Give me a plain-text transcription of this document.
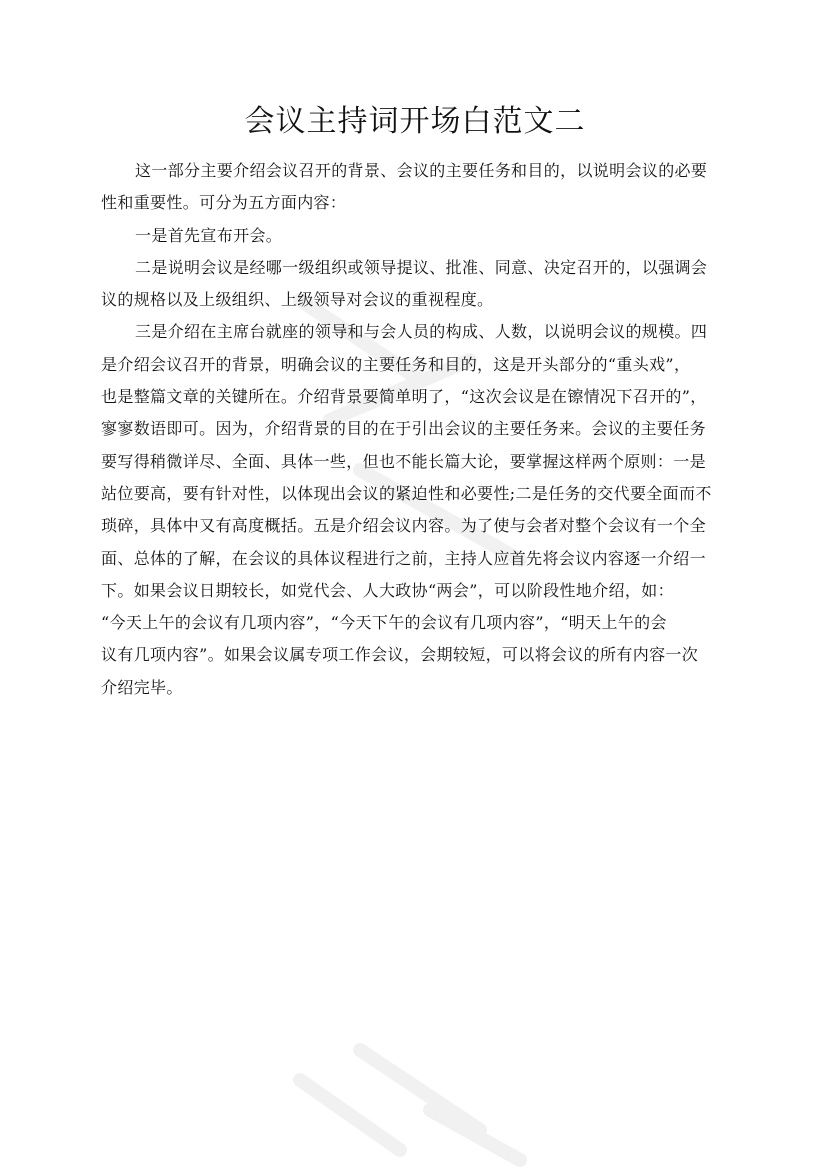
会议主持词开场白范文二
这一部分主要介绍会议召开的背景、会议的主要任务和目的，以说明会议的必要
性和重要性。可分为五方面内容：
一是首先宣布开会。
二是说明会议是经哪一级组织或领导提议、批准、同意、决定召开的，以强调会
议的规格以及上级组织、上级领导对会议的重视程度。
三是介绍在主席台就座的领导和与会人员的构成、人数，以说明会议的规模。四
是介绍会议召开的背景，明确会议的主要任务和目的，这是开头部分的“重头戏”，
也是整篇文章的关键所在。介绍背景要简单明了，“这次会议是在镲情况下召开的”，
寥寥数语即可。因为，介绍背景的目的在于引出会议的主要任务来。会议的主要任务
要写得稍微详尽、全面、具体一些，但也不能长篇大论，要掌握这样两个原则：一是
站位要高，要有针对性，以体现出会议的紧迫性和必要性;二是任务的交代要全面而不
琐碎，具体中又有高度概括。五是介绍会议内容。为了使与会者对整个会议有一个全
面、总体的了解，在会议的具体议程进行之前，主持人应首先将会议内容逐一介绍一
下。如果会议日期较长，如党代会、人大政协“两会”，可以阶段性地介绍，如：
“今天上午的会议有几项内容”，“今天下午的会议有几项内容”，“明天上午的会
议有几项内容”。如果会议属专项工作会议，会期较短，可以将会议的所有内容一次
介绍完毕。
